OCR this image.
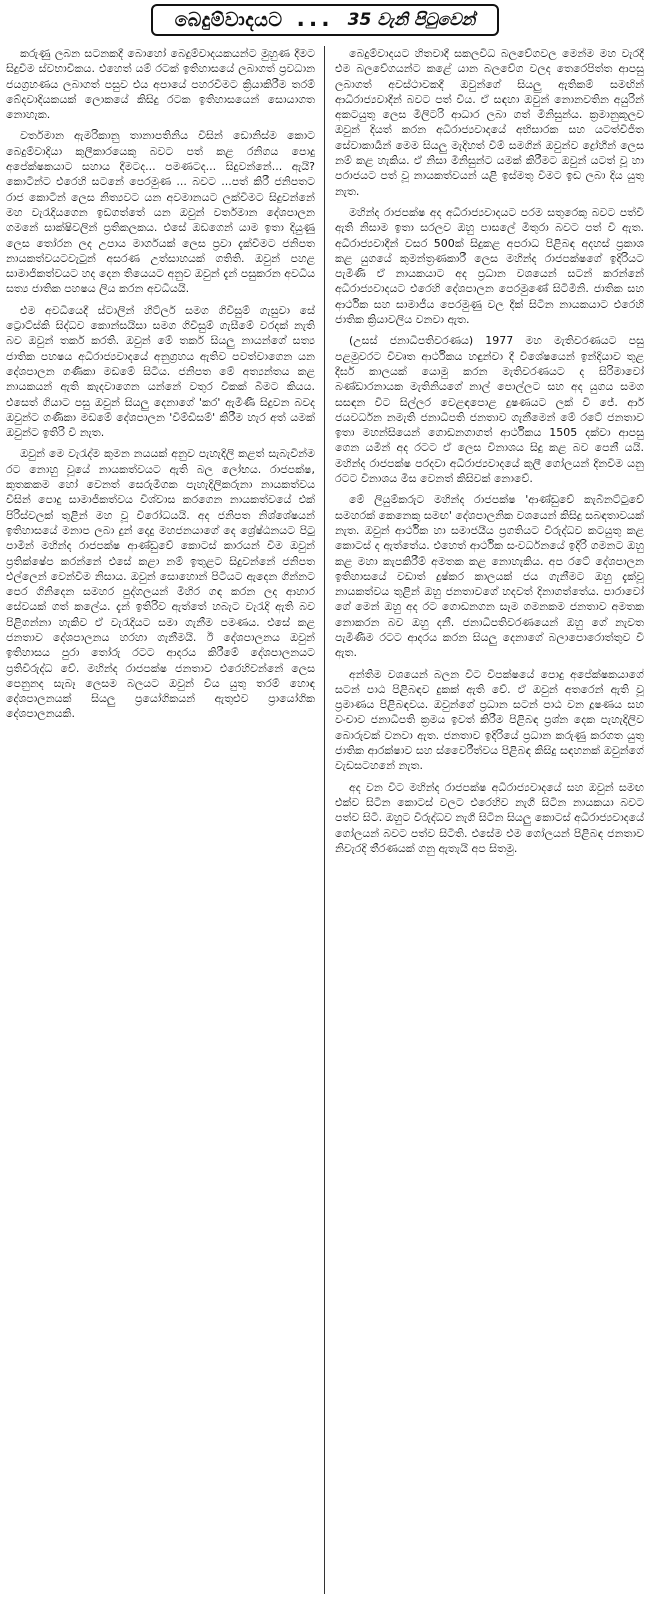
බෙදුම්වාදයට ... 35 වැනි පිටුවෙන්

කරුණු ලබන සටනකදී බොහෝ බෙදුම්වාදයකයන්ට මුහුණ දීමට සිදුවීම ස්වභාවිකය. එහෙත් යම් රටක් ඉතිහාසයේ ලබාගත් ප්‍රවධාන ජයග්‍රහණය ලබාගත් පසුව එය අපායේ පහරවීමට ක්‍රියාකිරීම තරම් බේදවාදියකයක් ලොකයේ කිසිදු රටක ඉතිහාසයෙන් සොයාගත නොහැක.

වර්තමාන ඇමරිකානු තානාපතිනිය විසින් ඩොනිස්ම කොට බෙදුම්වාදියා කුලීකාරයෙකු බවට පත් කළ රනිගය පොදු අපේක්ෂකයාට සහාය දීමටද... පමණටද... සිදුවන්නේ... ඇයි? කොටින්ට එරෙහි සටනේ පෙරමුණ ... බවට ...පත් කිරී ජනිපතට රාජ කොටින් ලෙස නිත්‍යවට යන අවමානයට ලක්විමට සිදුවන්නේ මහ වැරැදියගෙන ඉඩගත්තේ යන ඔවුන් වර්තමාන දේශපාලන ගමනේ සාක්ෂිවලින් ප්‍රතිකලකය. එසේ ඔඩගෙන් යාම ඉතා දියුණු ලෙස තෝරන ලද උපාය මාර්ගයක් ලෙස ප්‍රවා දැක්වීමට ජනිපත නායකත්වයටවැටුන් අසරණ උත්සාහයක් ගතිති. ඔවුන් පහළ සාමාජිකත්වයට හද දෙන තියෙයට අනුව ඔවුන් දැන් පසුකරන අවධිය සත්‍ය ජාතික පහෂය ලිය කරන අවධියයි.

එම අවධියෙදී ස්ටාලින් හිට්ලර් සමග ගිවිසුම් ගැසුවා සේ ට්‍රොට්ස්කි සිද්ධව කොන්සයිසා සමග ගිවිසුම් ගැසීමේ වරදක් නැති බව ඔවුන් තර්ක කරති. ඔවුන් මේ තර්ක සියලු නායන්ගේ සත්‍ය ජාතික පහෂය අධිරාජ්‍යවාදයේ අනුග්‍රහය ඇතිව පවත්වාගෙන යන දේශපාලන ගණිකා මඩමේ සිටිය. ජනිපත මේ අත්‍යන්තය කළ නායකයන් ඇති කැදවාගෙන යන්නේ වතුර විකක් බිමට කියය. එසෙත් ගියාට පසු ඔවුන් සියලු දෙනාගේ 'කර' ඇමිණී සිදුවන බවද ඔවුන්ට ගණිකා මඩමේ දේශපාලන 'විම්ඩිසම්' කිරීම හැර අත් යමක් ඔවුන්ට ඉතිරි වී නැත.

ඔවුන් මෙ වැරැද්ම කුමන නයයක් අනුව පැහැදිලි කළත් සැබැවින්ම රට නොහු වූයේ නායකත්වයට ඇති බල ලෝභය. රාජපක්ෂ, කුතකකම හෝ වෙනත් සෙරුමිගක පැහැදිලිකරුනා නායකත්වය විසින් පොදු සාමාජිකත්වය විශ්වාස කරගෙන නායකත්වයේ එක් පිරිස්වලක් තුළින් මහ වූ විරෝධයයි. අද ජනිපත නිශ්ශේෂයන් ඉතිහාසයේ මනාප ලබා දුන් දෙදු මහජනයාගේ දෙ ශ්‍රේෂ්ඨනයට පිටු පාමින් මහින්ද රාජපක්ෂ ආණ්ඩුවේ කොටස් කාරයන් විම ඔවුන් ප්‍රතික්ෂේප කරන්නේ එසේ කළා නම් ඉතුළට සිදුවන්නේ ජනිපත එල්ලෙන් වෙන්වීම නිසාය. ඔවුන් සොහොන් පිටියට ඇදෙන ගින්නට පෙර ගිනිදෙන සමහර පුද්ගලයන් මිහිර ගඳ කරන ලද ආහාර සේවයක් ගත් කලේය. දැන් ඉතිරිව ඇත්තේ හබැට වැරැදි ඇති බව පිළිගන්නා හැකිව ඒ වැරැදියට සමා ගැනීම පමණය. එසේ කළ ජනතාව දේශපාලනය හරහා ගැනීමයි. ඊ දේශපාලනය ඔවුන් ඉතිහාසය පුරා තෝරු රටට ආදරය කිරීමේ දේශපාලනයට ප්‍රතිවිරුද්ධ වේ. මහින්ද රාජපක්ෂ ජනතාව එරෙහිවන්නේ ලෙස පෙනුනද සැබෑ ලෙසම බලයට ඔවුන් විය යුතු තරම් හොඳ දේශපාලනයක් සියලු ප්‍රයෝගිකයන් ඇතුළුව ප්‍රායෝගික දේශපාලනයකි.

බෙදුම්වාදයට හිතවාදී සකලවිධ බලවේගවල මෙන්ම මහ වැරදී එම බලවේගයන්ට කළේ යාන බලවේග වලද තෙරෙපිත්ත ආපසු ලබාගත් අවස්ථාවකදී ඔවුන්ගේ සියලු ඇතිකම් සමඟින් ආධිරාජ්‍යවාදීන් බවට පත් විය. ඒ සඳහා ඔවුන් නොනවතින අයුරින් අකටයුතු ලෙස මිලිටරි ආධාර ලබා ගත් මිනිසුන්ය. ක්‍රමානුකූලව ඔවුන් දියත් කරන අධිරාජ්‍යවාදයේ අභිසාරක සහ යටත්විජිත සේවාකාර්‍යන් මෙම සියලු මැදිහත් වීම් සමගින් ඔවුන්ව ද්‍රෝහීන් ලෙස නම් කළ හැකිය. ඒ නිසා මිනිසුන්ට යමක් කිරීමට ඔවුන් යටත් වූ හා පරාජයට පත් වූ නායකත්වයන් යළි ඉස්මතු වීමට ඉඩ ලබා දිය යුතු නැත.

මහින්ද රාජපක්ෂ අද අධිරාජ්‍යවාදයට පරම සතුරෙකු බවට පත්වී ඇති නිසාම ඉතා සරලව ඔහු පාසලේ මිතුරා බවට පත් වී ඇත. අධිරාජ්‍යවාදීන් වසර 500ක් සිදුකළ අපරාධ පිළිබඳ අදහස් ප්‍රකාශ කළ යුගයේ කුමන්ත්‍රණකාරී ලෙස මහින්ද රාජපක්ෂගේ ඉදිරියට පැමිණි ඒ නායකයාට අද ප්‍රධාන වශයෙන් සටන් කරන්නේ අධිරාජ්‍යවාදයට එරෙහි දේශපාලන පෙරමුණේ සිටිමිනි. ජාතික සහ ආර්ථික සහ සාමාජීය පෙරමුණු වල දීක් සිටින නායකයාට එරෙහි ජාතික ක්‍රියාවලිය වනවා ඇත.

(උසස් ජනාධිපතිවරණය) 1977 මහ මැතිවරණයට පසු පළමුවරට විවෘත ආර්ථිකය හඳුන්වා දී විශේෂයෙන් ඉන්දියාව තුළ දීර්ඝ කාලයක් යොමු කරන මැතිවරණයට ද සිරිමාවෝ බණ්ඩාරනායක මැතිනියගේ නාල් පොල්ලට සහ අද යුගය සමග සසඳන විට සිල්ලර වෙළඳපොළ දුෂණයට ලක් වී ජේ. ආර් ජයවර්ධන නමැති ජනාධිපති ජනතාව ගැනීමෙන් මේ රටේ ජනතාව ඉතා මහන්සියෙන් ගොඩනගාගත් ආර්ථිකය 1505 දක්වා ආපසු ගෙන යමින් අද රටට ඒ ලෙස විනාශය සිදු කළ බව පෙනී යයි. මහින්ද රාජපක්ෂ පරදවා අධිරාජ්‍යවාදයේ කුලී ගෝලයන් දිනවීම යනු රටට විනාශය මිස වෙනත් කිසිවක් නොවේ.

මේ ලියුම්කරුට මහින්ද රාජපක්ෂ 'ආණ්ඩුවේ කැබිනට්ටුවේ සමහරක් කෙනෙකු සමඟ' දේශපාලනික වශයෙන් කිසිදු සබඳතාවයක් නැත. ඔවුන් ආර්ථික හා සමාජයීය ප්‍රගතියට විරුද්ධව කටයුතු කළ කොටස් ද ඇත්තේය. එහෙත් ආර්ථික සංවර්ධනයේ ඉදිරි ගමනට ඔහු කළ මහා කැපකිරීම් අමතක කළ නොහැකිය. අප රටේ දේශපාලන ඉතිහාසයේ වඩාත් දුෂ්කර කාලයක් ජය ගැනීමට ඔහු දැක්වූ නායකත්වය තුළින් ඔහු ජනතාවගේ හදවත් දිනාගත්තේය. පාරාවෝ ගේ මෙන් ඔහු අද රට ගොඩනගන සෑම ගමනකම ජනතාව අමතක නොකරන බව ඔහු දනී. ජනාධිපතිවරණයෙන් ඔහු ගේ නැවත පැමිණීම රටට ආදරය කරන සියලු දෙනාගේ බලාපොරොත්තුව වී ඇත.

අන්තිම වශයෙන් බලන විට විපක්ෂයේ පොදු අපේක්ෂකයාගේ සටන් පාඨ පිළිබඳව දුකක් ඇති වේ. ඒ ඔවුන් අතරෙන් ඇති වූ ප්‍රමාණය පිළිබඳවය. ඔවුන්ගේ ප්‍රධාන සටන් පාඨ වන දූෂණය සහ වංචාව ජනාධිපති ක්‍රමය ඉවත් කිරීම පිළිබඳ ප්‍රශ්න දෙක පැහැදිලිව බොරුවක් වනවා ඇත. ජනතාව ඉදිරියේ ප්‍රධාන කරුණු කරගත යුතු ජාතික ආරක්ෂාව සහ ස්වෛරීත්වය පිළිබඳ කිසිදු සඳහනක් ඔවුන්ගේ වැඩසටහනේ නැත.

අද වන විට මහින්ද රාජපක්ෂ අධිරාජ්‍යවාදයේ සහ ඔවුන් සමඟ එක්ව සිටින කොටස් වලට එරෙහිව නැගී සිටින නායකයා බවට පත්ව සිටී. ඔහුට විරුද්ධව නැගී සිටින සියලු කොටස් අධිරාජ්‍යවාදයේ ගෝලයන් බවට පත්ව සිටිති. එසේම එම ගෝලයන් පිළිබඳ ජනතාව නිවැරදි තීරණයක් ගනු ඇතැයි අප සිතමු.
